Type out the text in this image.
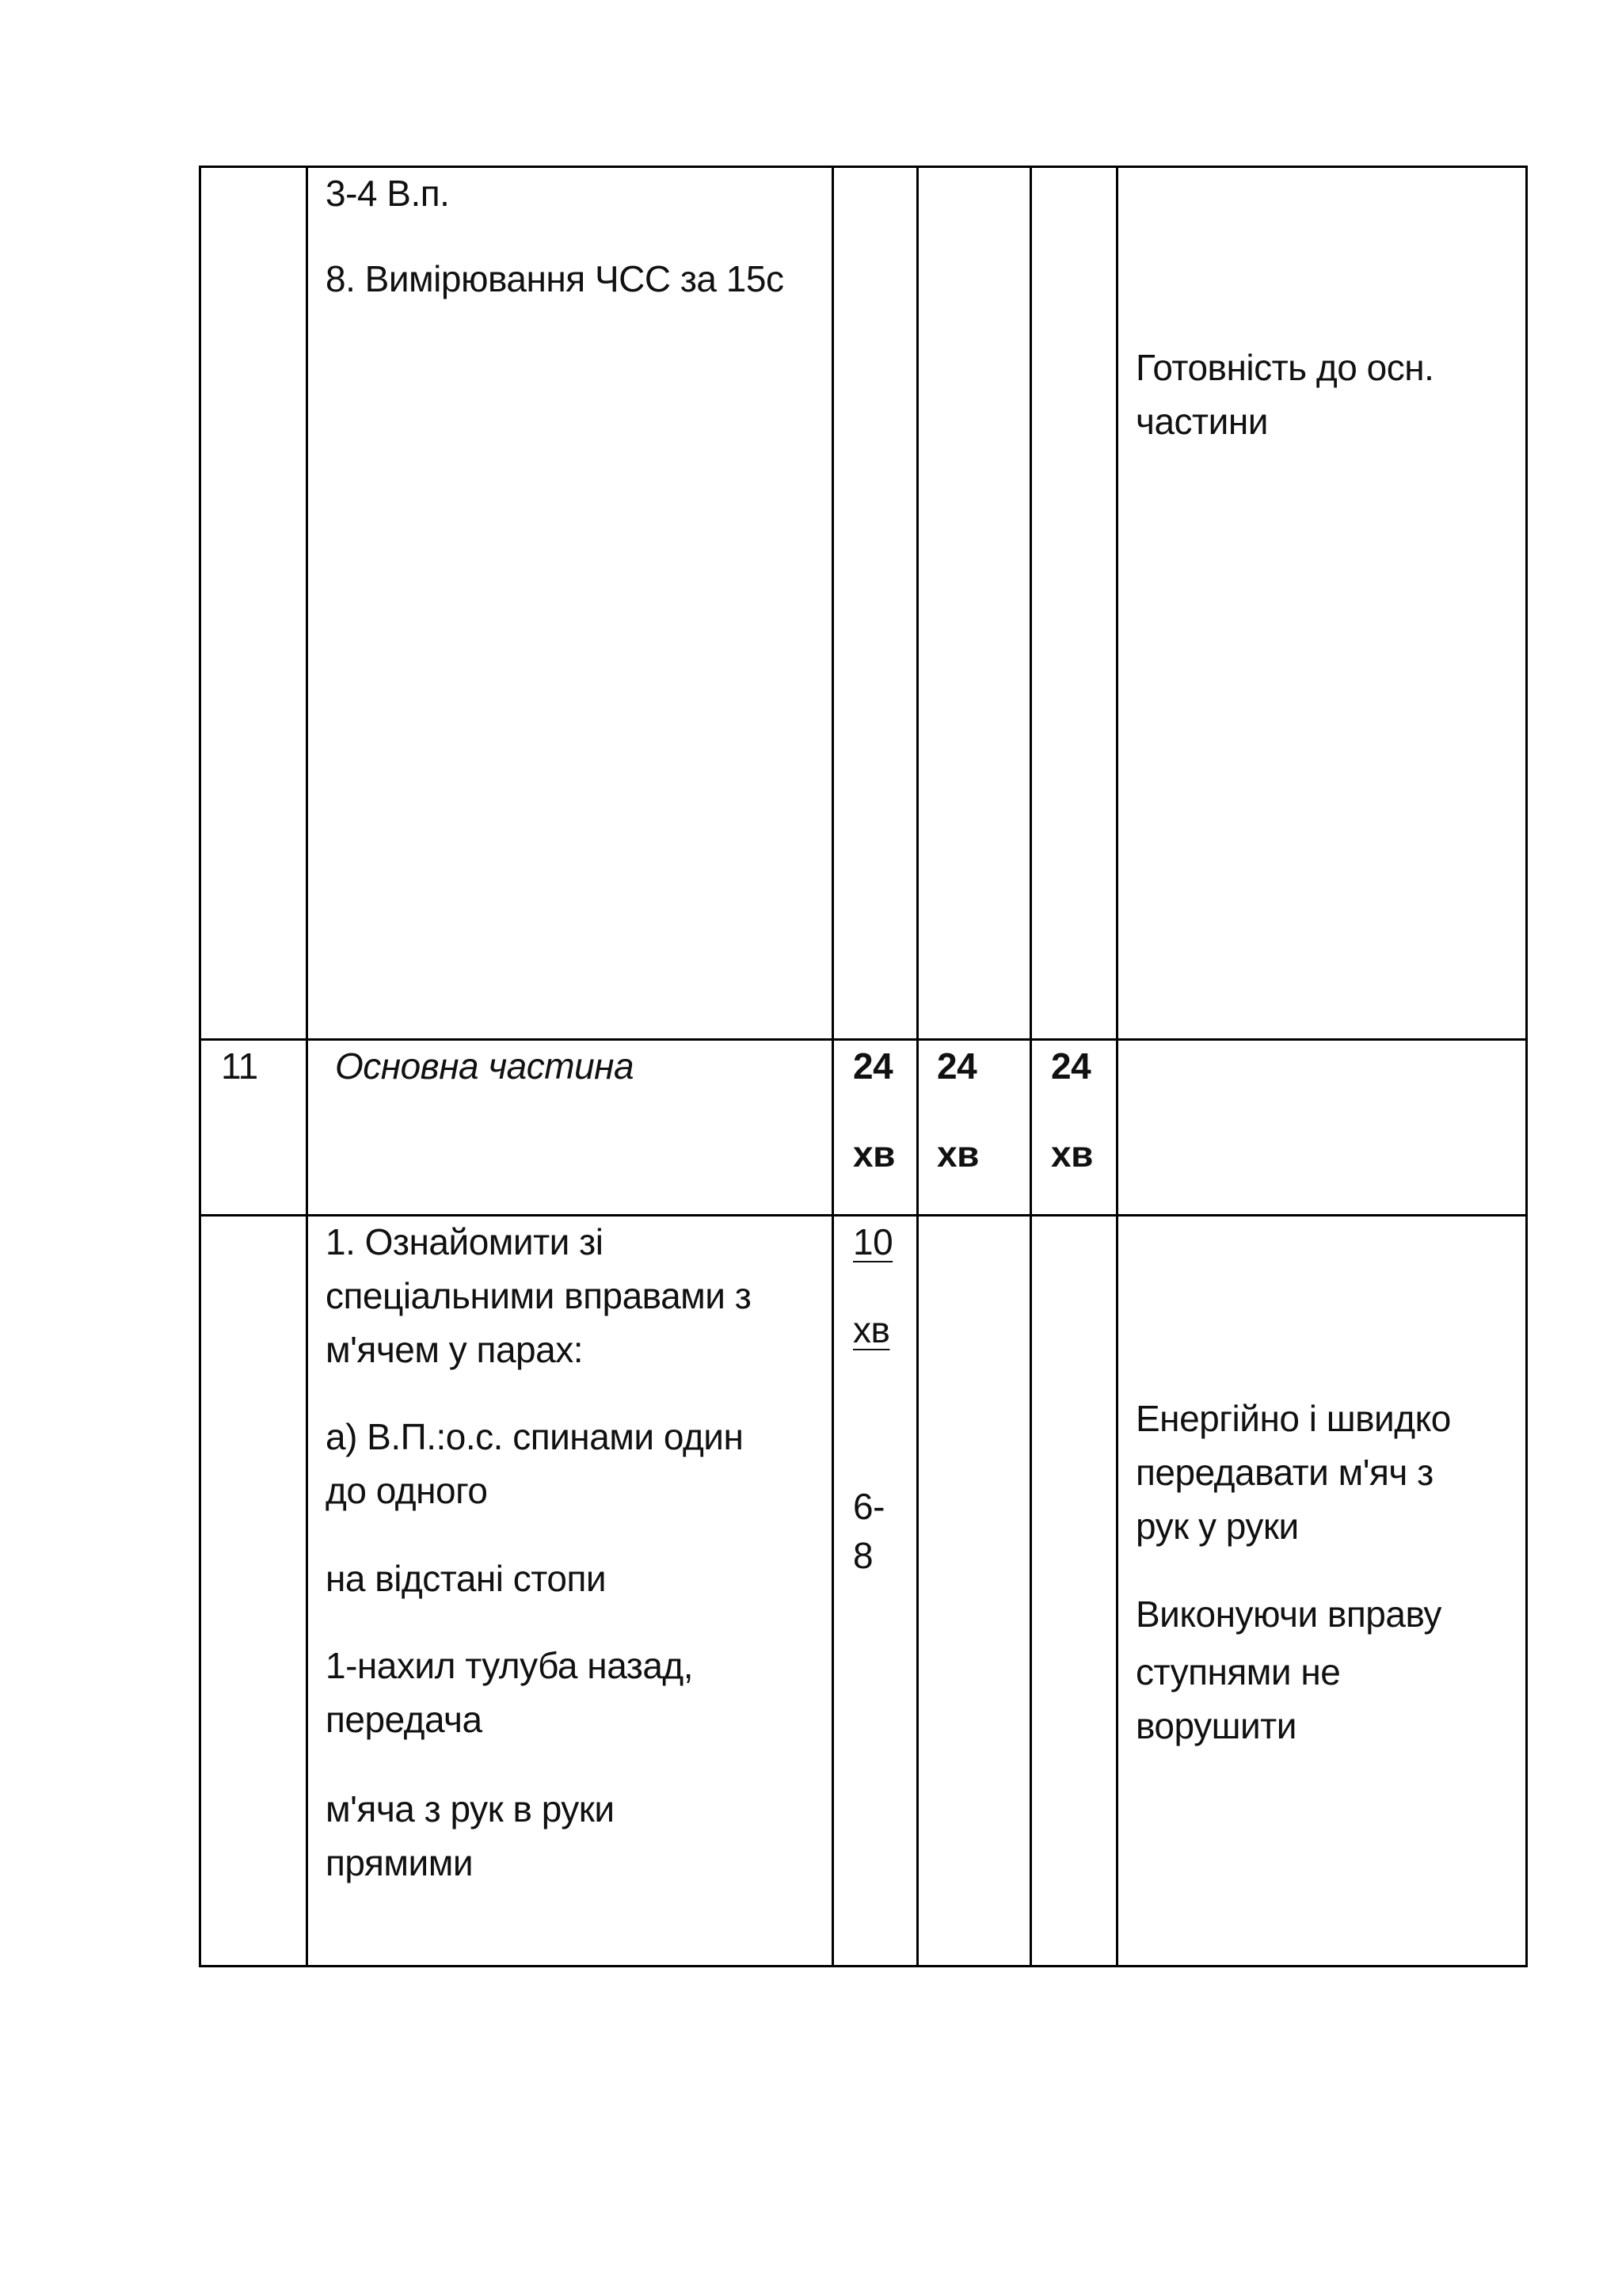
3-4 В.п.
8. Вимірювання ЧСС за 15с
Готовність до осн.
частини
11 Основна частина	24
хв
24
хв
24
хв
1. Ознайомити зі
спеціальними вправами з
м'ячем у парах:
а) В.П.:о.с. спинами один
до одного
на відстані стопи
1-нахил тулуба назад,
передача
м'яча з рук в руки
прямими
10
хв
6-
8
Енергійно і швидко
передавати м'яч з
рук у руки
Виконуючи вправу
ступнями не
ворушити
